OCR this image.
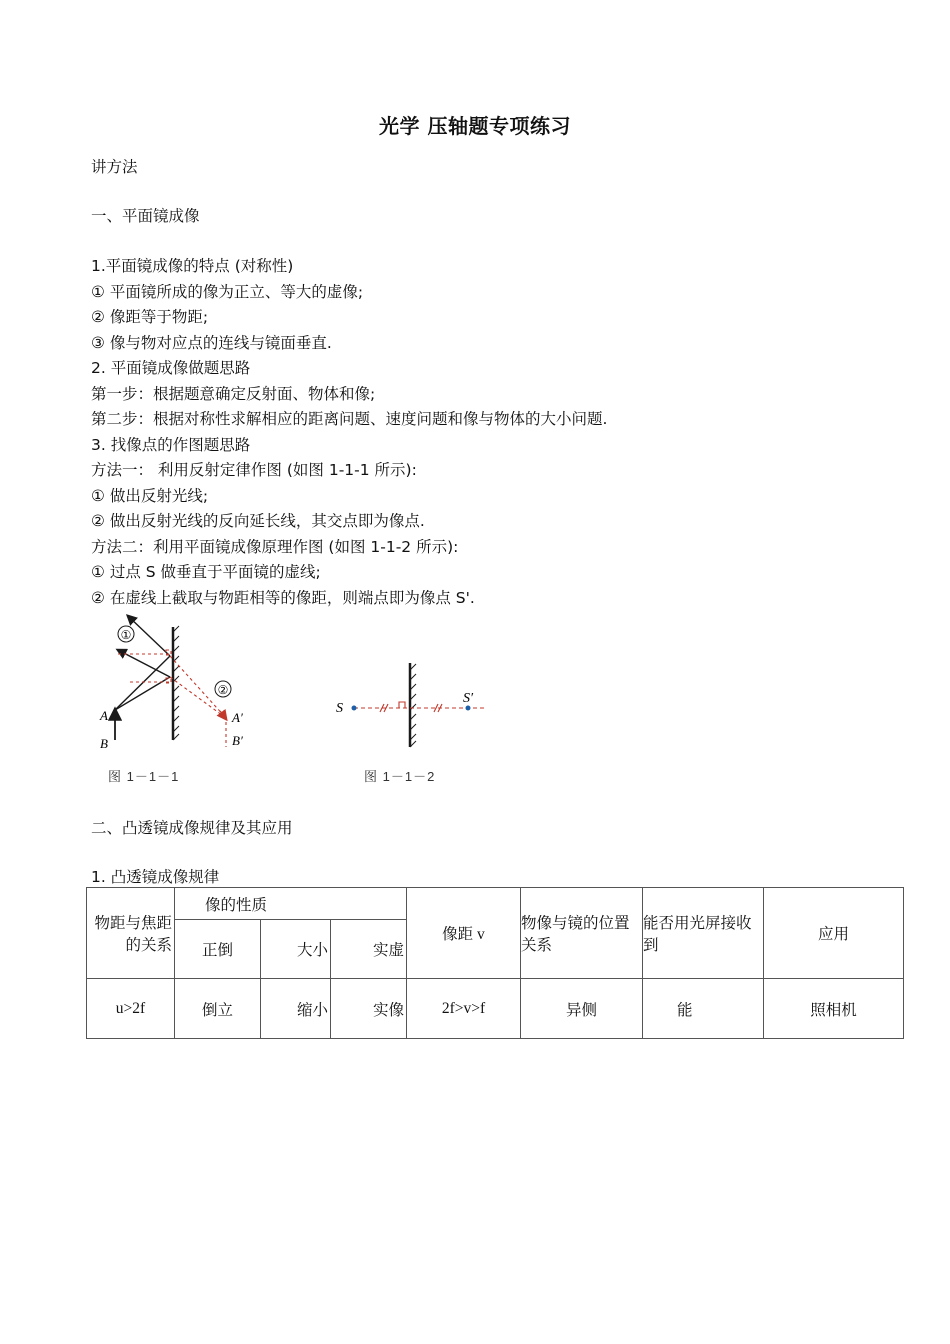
光学 压轴题专项练习
讲方法
一、平面镜成像
1.平面镜成像的特点 (对称性)
① 平面镜所成的像为正立、等大的虚像;
② 像距等于物距;
③ 像与物对应点的连线与镜面垂直.
2. 平面镜成像做题思路
第一步：根据题意确定反射面、物体和像;
第二步：根据对称性求解相应的距离问题、速度问题和像与物体的大小问题.
3. 找像点的作图题思路
方法一： 利用反射定律作图 (如图 1-1-1 所示):
① 做出反射光线;
② 做出反射光线的反向延长线，其交点即为像点.
方法二：利用平面镜成像原理作图 (如图 1-1-2 所示):
① 过点 S 做垂直于平面镜的虚线;
② 在虚线上截取与物距相等的像距，则端点即为像点 S'.
①
②
A
B
A′
B′
图 1－1－1
S
S′
图 1－1－2
二、凸透镜成像规律及其应用
1. 凸透镜成像规律
物距与焦距的关系	像的性质			像距 v	物像与镜的位置关系	能否用光屏接收到	应用
	正倒	大小	实虚				
u>2f	倒立	缩小	实像	2f>v>f	异侧	能	照相机
